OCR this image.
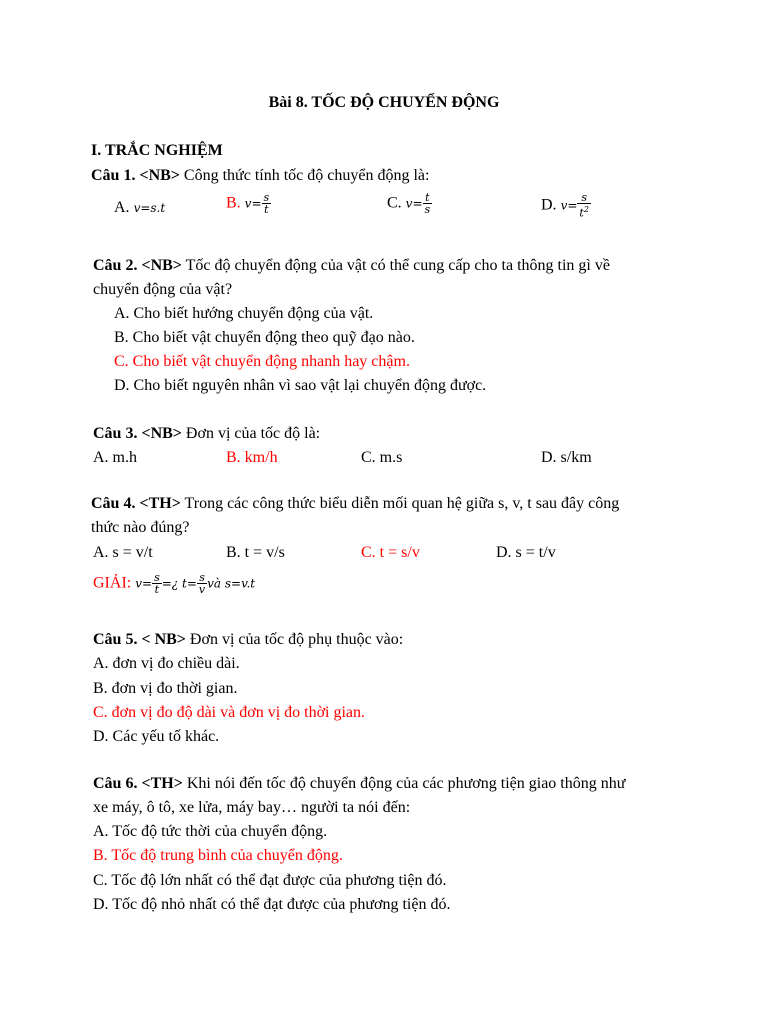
Bài 8. TỐC ĐỘ CHUYỂN ĐỘNG
I. TRẮC NGHIỆM
Câu 1. <NB> Công thức tính tốc độ chuyển động là:
A. v=s.t	B. $v= \frac{s}{t}$	C. $v= \frac{t}{s}$	D. $v= \frac{s}{t^2}$
Câu 2. <NB> Tốc độ chuyển động của vật có thể cung cấp cho ta thông tin gì về
chuyển động của vật?
A. Cho biết hướng chuyển động của vật.
B. Cho biết vật chuyển động theo quỹ đạo nào.
C. Cho biết vật chuyển động nhanh hay chậm.
D. Cho biết nguyên nhân vì sao vật lại chuyển động được.
Câu 3. <NB> Đơn vị của tốc độ là:
A. m.h	B. km/h	C. m.s	D. s/km
Câu 4. <TH> Trong các công thức biểu diễn mối quan hệ giữa s, v, t sau đây công
thức nào đúng?
A. s = v/t	B. t = v/s	C. t = s/v	D. s = t/v
GIẢI: $v= \frac{s}{t}$ =¿ $t= \frac{s}{v}$ và s=v.t
Câu 5. < NB> Đơn vị của tốc độ phụ thuộc vào:
A. đơn vị đo chiều dài.
B. đơn vị đo thời gian.
C. đơn vị đo độ dài và đơn vị đo thời gian.
D. Các yếu tố khác.
Câu 6. <TH> Khi nói đến tốc độ chuyển động của các phương tiện giao thông như
xe máy, ô tô, xe lửa, máy bay… người ta nói đến:
A. Tốc độ tức thời của chuyển động.
B. Tốc độ trung bình của chuyển động.
C. Tốc độ lớn nhất có thể đạt được của phương tiện đó.
D. Tốc độ nhỏ nhất có thể đạt được của phương tiện đó.
